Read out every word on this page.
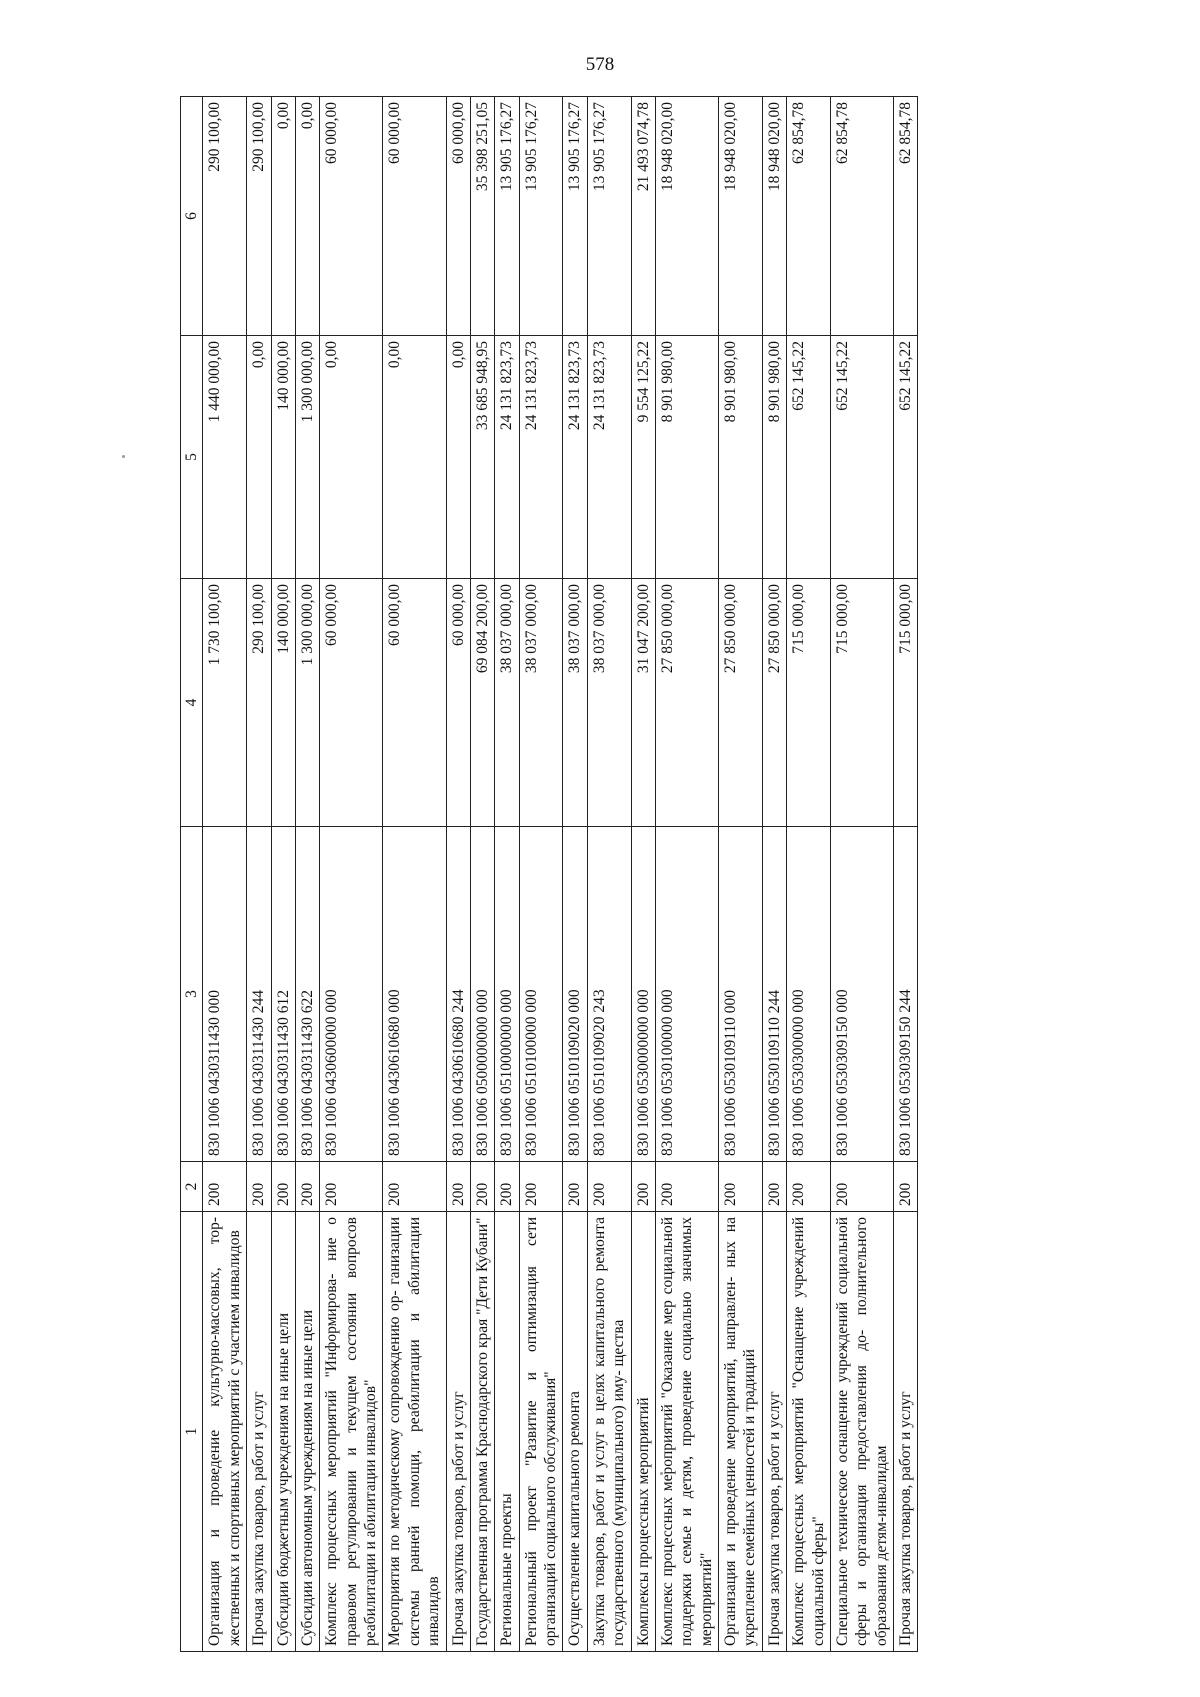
578
1	2	3	4	5	6
Организация и проведение культурно-массовых, тор- жественных и спортивных мероприятий с участием инвалидов	200	830 1006 0430311430 000	1 730 100,00	1 440 000,00	290 100,00
Прочая закупка товаров, работ и услуг	200	830 1006 0430311430 244	290 100,00	0,00	290 100,00
Субсидии бюджетным учреждениям на иные цели	200	830 1006 0430311430 612	140 000,00	140 000,00	0,00
Субсидии автономным учреждениям на иные цели	200	830 1006 0430311430 622	1 300 000,00	1 300 000,00	0,00
Комплекс процессных мероприятий "Информирова- ние о правовом регулировании и текущем состоянии вопросов реабилитации и абилитации инвалидов"	200	830 1006 0430600000 000	60 000,00	0,00	60 000,00
Мероприятия по методическому сопровождению ор- ганизации системы ранней помощи, реабилитации и абилитации инвалидов	200	830 1006 0430610680 000	60 000,00	0,00	60 000,00
Прочая закупка товаров, работ и услуг	200	830 1006 0430610680 244	60 000,00	0,00	60 000,00
Государственная программа Краснодарского края "Дети Кубани"	200	830 1006 0500000000 000	69 084 200,00	33 685 948,95	35 398 251,05
Региональные проекты	200	830 1006 0510000000 000	38 037 000,00	24 131 823,73	13 905 176,27
Региональный проект "Развитие и оптимизация сети организаций социального обслуживания"	200	830 1006 0510100000 000	38 037 000,00	24 131 823,73	13 905 176,27
Осуществление капитального ремонта	200	830 1006 0510109020 000	38 037 000,00	24 131 823,73	13 905 176,27
Закупка товаров, работ и услуг в целях капитального ремонта государственного (муниципального) иму- щества	200	830 1006 0510109020 243	38 037 000,00	24 131 823,73	13 905 176,27
Комплексы процессных мероприятий	200	830 1006 0530000000 000	31 047 200,00	9 554 125,22	21 493 074,78
Комплекс процессных мероприятий "Оказание мер социальной поддержки семье и детям, проведение социально значимых мероприятий"	200	830 1006 0530100000 000	27 850 000,00	8 901 980,00	18 948 020,00
Организация и проведение мероприятий, направлен- ных на укрепление семейных ценностей и традиций	200	830 1006 0530109110 000	27 850 000,00	8 901 980,00	18 948 020,00
Прочая закупка товаров, работ и услуг	200	830 1006 0530109110 244	27 850 000,00	8 901 980,00	18 948 020,00
Комплекс процессных мероприятий "Оснащение учреждений социальной сферы"	200	830 1006 0530300000 000	715 000,00	652 145,22	62 854,78
Специальное техническое оснащение учреждений социальной сферы и организация предоставления до- полнительного образования детям-инвалидам	200	830 1006 0530309150 000	715 000,00	652 145,22	62 854,78
Прочая закупка товаров, работ и услуг	200	830 1006 0530309150 244	715 000,00	652 145,22	62 854,78
